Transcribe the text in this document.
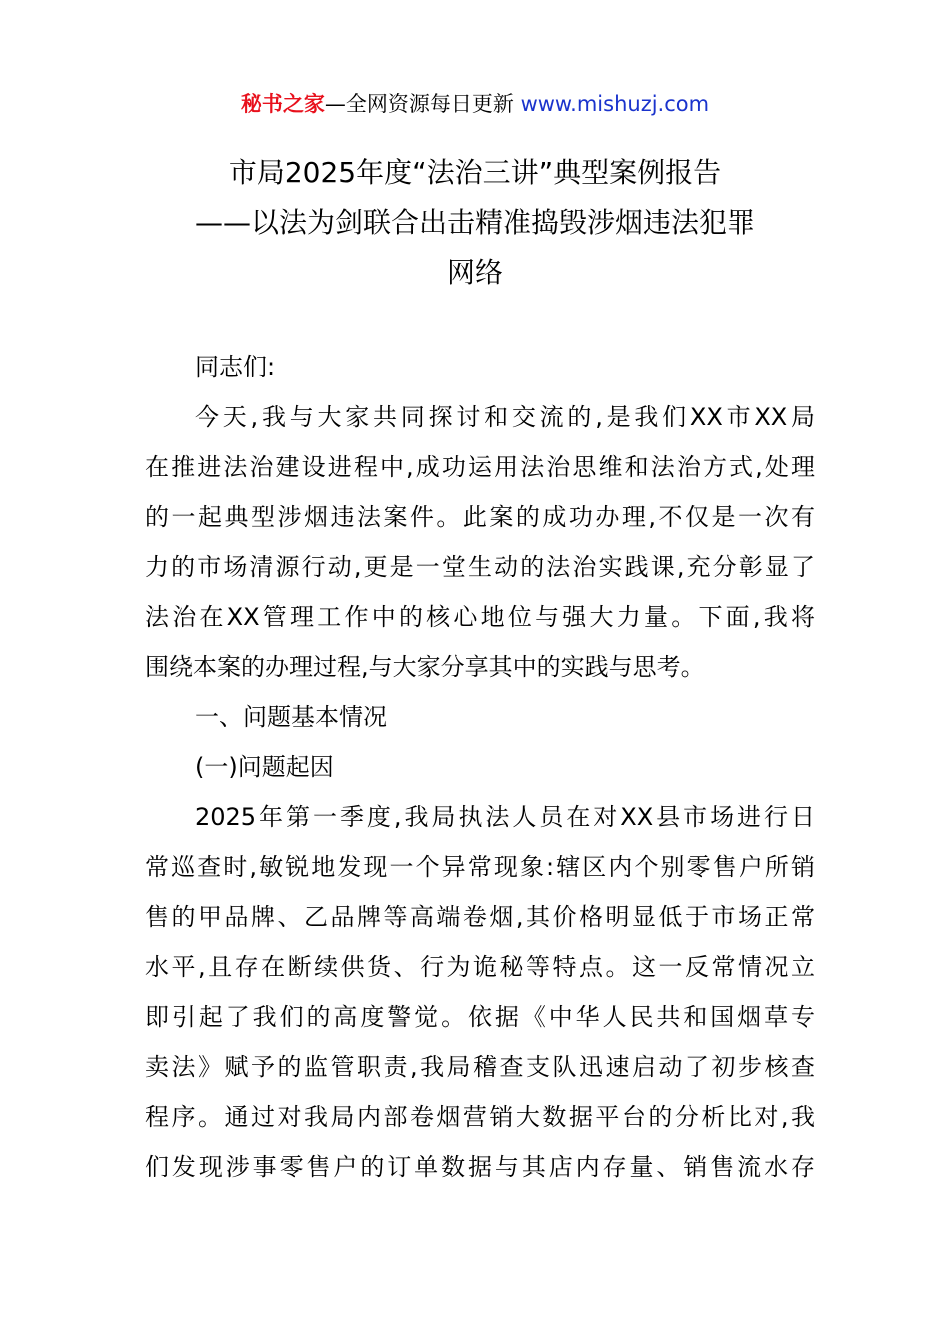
秘书之家—全网资源每日更新 www.mishuzj.com
市局2025年度“法治三讲”典型案例报告
——以法为剑联合出击精准捣毁涉烟违法犯罪
网络
同志们:
今天,我与大家共同探讨和交流的,是我们XX市XX局
在推进法治建设进程中,成功运用法治思维和法治方式,处理
的一起典型涉烟违法案件。此案的成功办理,不仅是一次有
力的市场清源行动,更是一堂生动的法治实践课,充分彰显了
法治在XX管理工作中的核心地位与强大力量。下面,我将
围绕本案的办理过程,与大家分享其中的实践与思考。
一、问题基本情况
(一)问题起因
2025年第一季度,我局执法人员在对XX县市场进行日
常巡查时,敏锐地发现一个异常现象:辖区内个别零售户所销
售的甲品牌、乙品牌等高端卷烟,其价格明显低于市场正常
水平,且存在断续供货、行为诡秘等特点。这一反常情况立
即引起了我们的高度警觉。依据《中华人民共和国烟草专
卖法》赋予的监管职责,我局稽查支队迅速启动了初步核查
程序。通过对我局内部卷烟营销大数据平台的分析比对,我
们发现涉事零售户的订单数据与其店内存量、销售流水存
